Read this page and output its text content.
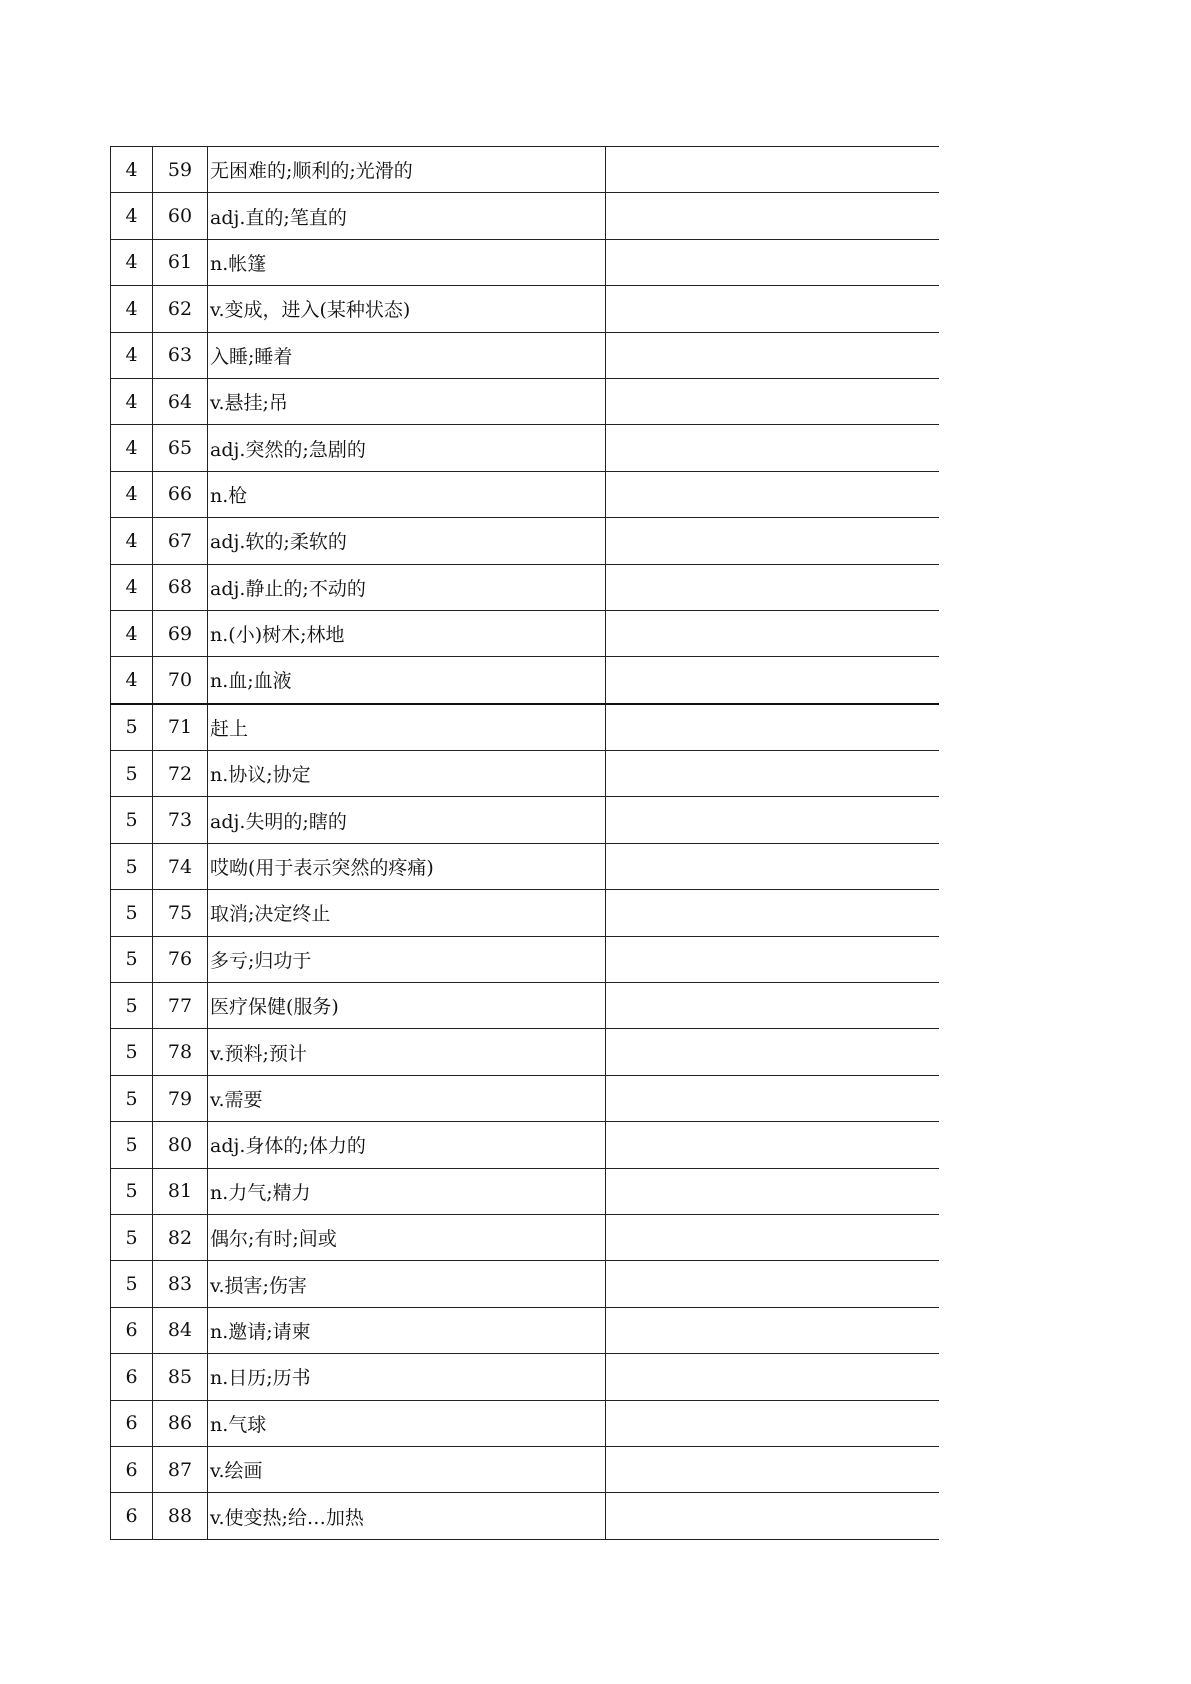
4	59	无困难的;顺利的;光滑的	
4	60	adj.直的;笔直的	
4	61	n.帐篷	
4	62	v.变成，进入(某种状态)	
4	63	入睡;睡着	
4	64	v.悬挂;吊	
4	65	adj.突然的;急剧的	
4	66	n.枪	
4	67	adj.软的;柔软的	
4	68	adj.静止的;不动的	
4	69	n.(小)树木;林地	
4	70	n.血;血液	
5	71	赶上	
5	72	n.协议;协定	
5	73	adj.失明的;瞎的	
5	74	哎呦(用于表示突然的疼痛)	
5	75	取消;决定终止	
5	76	多亏;归功于	
5	77	医疗保健(服务)	
5	78	v.预料;预计	
5	79	v.需要	
5	80	adj.身体的;体力的	
5	81	n.力气;精力	
5	82	偶尔;有时;间或	
5	83	v.损害;伤害	
6	84	n.邀请;请柬	
6	85	n.日历;历书	
6	86	n.气球	
6	87	v.绘画	
6	88	v.使变热;给…加热	
